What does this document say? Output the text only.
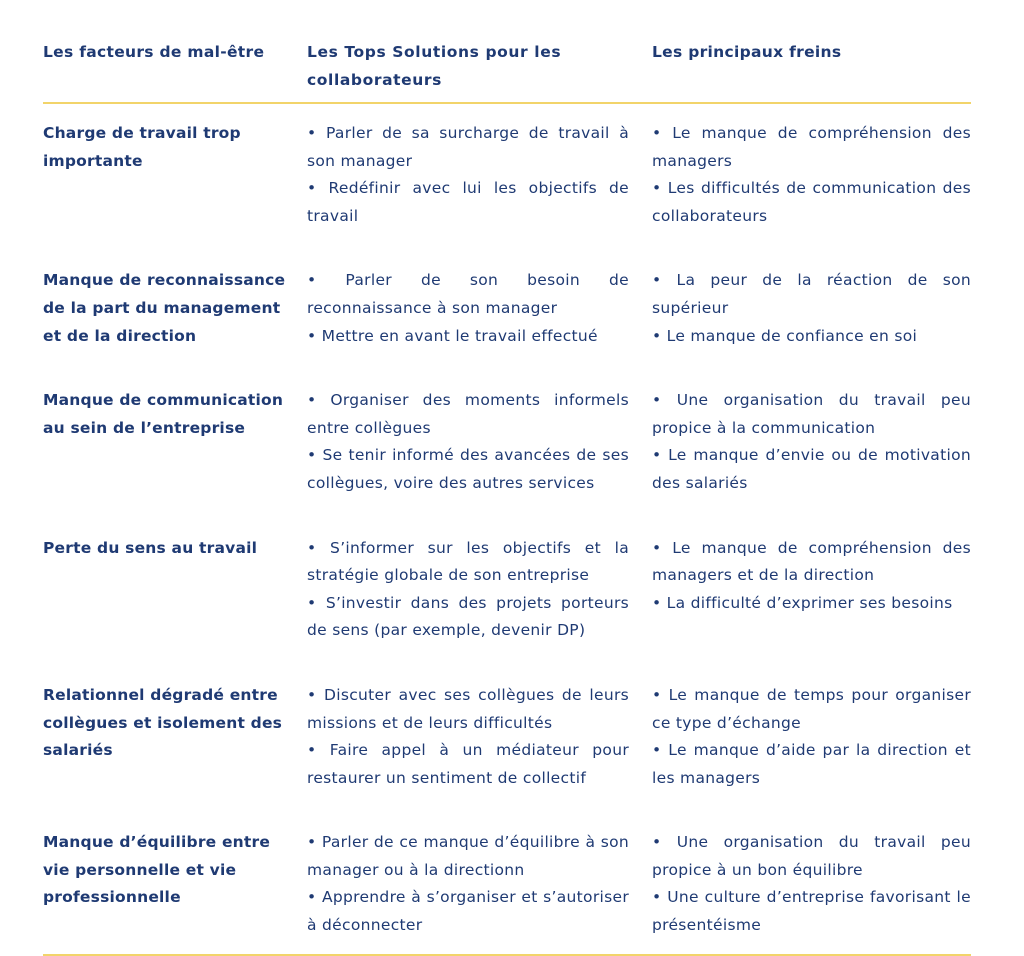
Les facteurs de mal-être	Les Tops Solutions pour les collaborateurs
Les principaux freins
Charge de travail trop importante

• Parler de sa surcharge de travail à son manager

• Redéfinir avec lui les objectifs de travail

• Le manque de compréhension des managers

• Les difficultés de communication des collaborateurs

Manque de reconnaissance de la part du management et de la direction

• Parler de son besoin de reconnaissance à son manager

• Mettre en avant le travail effectué

• La peur de la réaction de son supérieur

• Le manque de confiance en soi

Manque de communication au sein de l’entreprise

• Organiser des moments informels entre collègues

• Se tenir informé des avancées de ses collègues, voire des autres services

• Une organisation du travail peu propice à la communication

• Le manque d’envie ou de motivation des salariés

Perte du sens au travail	• S’informer sur les objectifs et la stratégie globale de son entreprise

• S’investir dans des projets porteurs de sens (par exemple, devenir DP)

• Le manque de compréhension des managers et de la direction

• La difficulté d’exprimer ses besoins

Relationnel dégradé entre collègues et isolement des salariés

• Discuter avec ses collègues de leurs missions et de leurs difficultés

• Faire appel à un médiateur pour restaurer un sentiment de collectif

• Le manque de temps pour organiser ce type d’échange

• Le manque d’aide par la direction et les managers

Manque d’équilibre entre vie personnelle et vie professionnelle

• Parler de ce manque d’équilibre à son manager ou à la directionn

• Apprendre à s’organiser et s’autoriser à déconnecter

• Une organisation du travail peu propice à un bon équilibre

• Une culture d’entreprise favorisant le présentéisme
